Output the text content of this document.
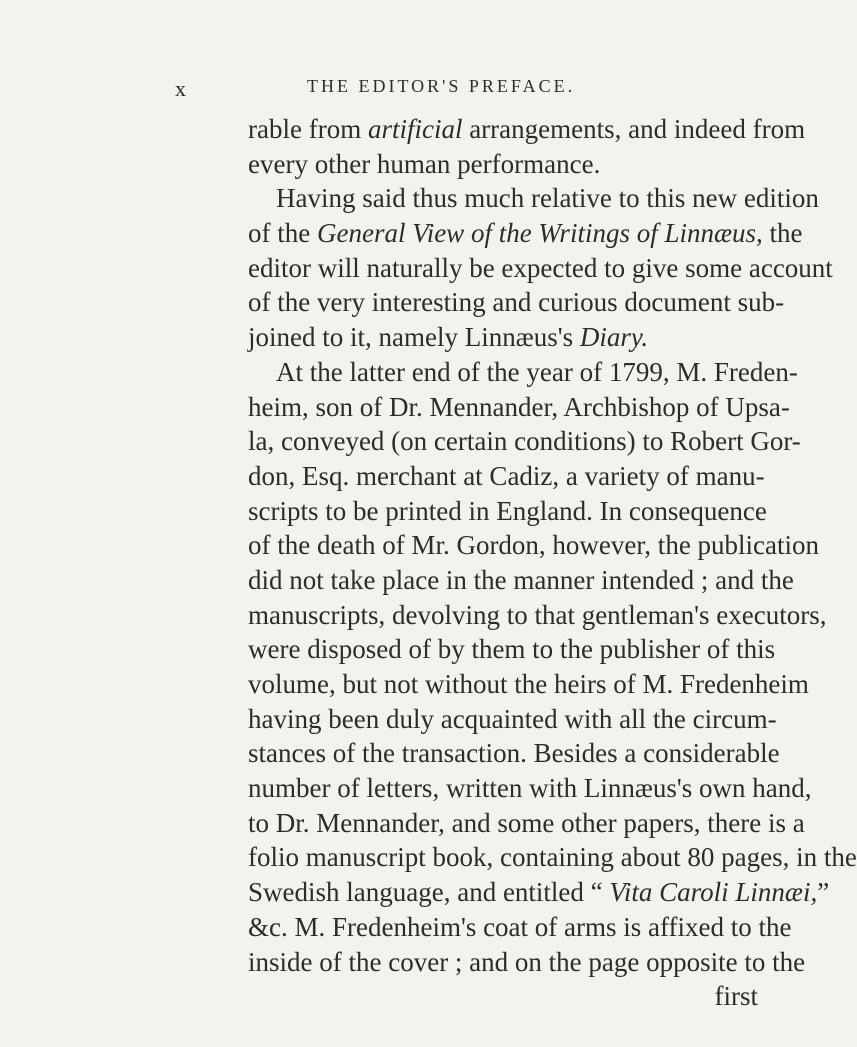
x	THE EDITOR'S PREFACE.
rable from artificial arrangements, and indeed from
every other human performance.
Having said thus much relative to this new edition
of the General View of the Writings of Linnæus, the
editor will naturally be expected to give some account
of the very interesting and curious document sub-
joined to it, namely Linnæus's Diary.
At the latter end of the year of 1799, M. Freden-
heim, son of Dr. Mennander, Archbishop of Upsa-
la, conveyed (on certain conditions) to Robert Gor-
don, Esq. merchant at Cadiz, a variety of manu-
scripts to be printed in England. In consequence
of the death of Mr. Gordon, however, the publication
did not take place in the manner intended ; and the
manuscripts, devolving to that gentleman's executors,
were disposed of by them to the publisher of this
volume, but not without the heirs of M. Fredenheim
having been duly acquainted with all the circum-
stances of the transaction. Besides a considerable
number of letters, written with Linnæus's own hand,
to Dr. Mennander, and some other papers, there is a
folio manuscript book, containing about 80 pages, in the
Swedish language, and entitled “ Vita Caroli Linnæi,”
&c. M. Fredenheim's coat of arms is affixed to the
inside of the cover ; and on the page opposite to the
first
